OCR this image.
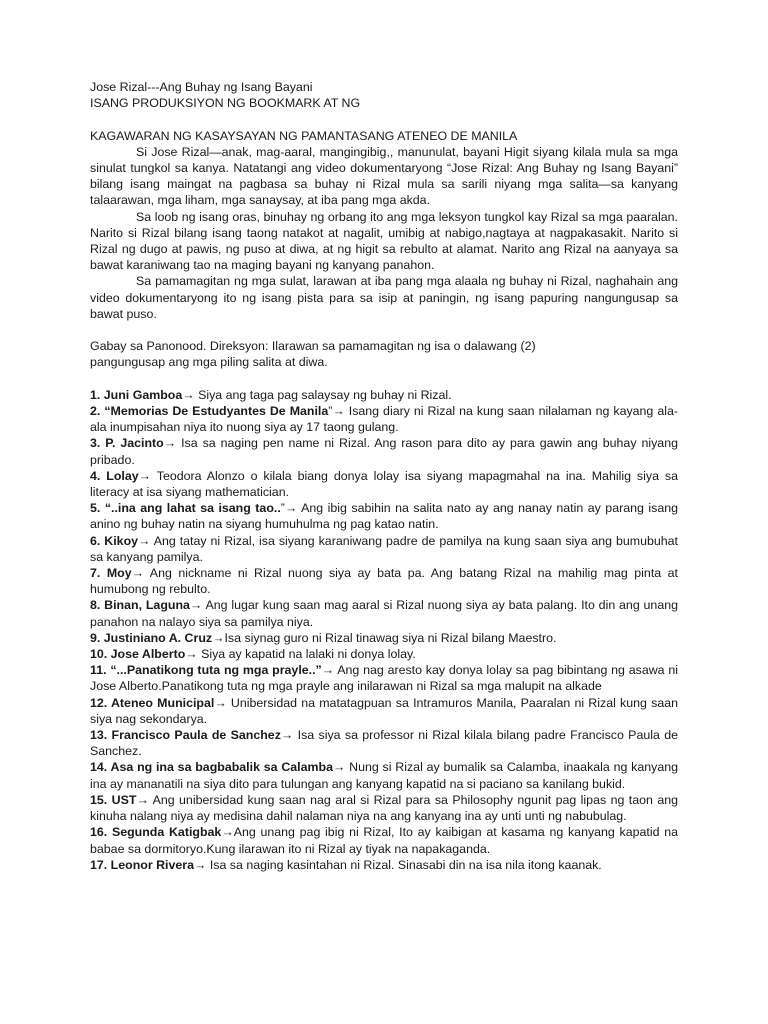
Jose Rizal---Ang Buhay ng Isang Bayani
ISANG PRODUKSIYON NG BOOKMARK AT NG
KAGAWARAN NG KASAYSAYAN NG PAMANTASANG ATENEO DE MANILA

Si Jose Rizal—anak, mag-aaral, mangingibig,, manunulat, bayani Higit siyang kilala mula sa mga sinulat tungkol sa kanya. Natatangi ang video dokumentaryong “Jose Rizal: Ang Buhay ng Isang Bayani” bilang isang maingat na pagbasa sa buhay ni Rizal mula sa sarili niyang mga salita—sa kanyang talaarawan, mga liham, mga sanaysay, at iba pang mga akda.

Sa loob ng isang oras, binuhay ng orbang ito ang mga leksyon tungkol kay Rizal sa mga paaralan. Narito si Rizal bilang isang taong natakot at nagalit, umibig at nabigo,nagtaya at nagpakasakit. Narito si Rizal ng dugo at pawis, ng puso at diwa, at ng higit sa rebulto at alamat. Narito ang Rizal na aanyaya sa bawat karaniwang tao na maging bayani ng kanyang panahon.

Sa pamamagitan ng mga sulat, larawan at iba pang mga alaala ng buhay ni Rizal, naghahain ang video dokumentaryong ito ng isang pista para sa isip at paningin, ng isang papuring nangungusap sa bawat puso.

Gabay sa Panonood. Direksyon: Ilarawan sa pamamagitan ng isa o dalawang (2)
pangungusap ang mga piling salita at diwa.
1. Juni Gamboa→ Siya ang taga pag salaysay ng buhay ni Rizal.
2. “Memorias De Estudyantes De Manila”→ Isang diary ni Rizal na kung saan nilalaman ng kayang ala-ala inumpisahan niya ito nuong siya ay 17 taong gulang.
3. P. Jacinto→ Isa sa naging pen name ni Rizal. Ang rason para dito ay para gawin ang buhay niyang pribado.
4. Lolay→ Teodora Alonzo o kilala biang donya lolay isa siyang mapagmahal na ina. Mahilig siya sa literacy at isa siyang mathematician.
5. “..ina ang lahat sa isang tao..”→ Ang ibig sabihin na salita nato ay ang nanay natin ay parang isang anino ng buhay natin na siyang humuhulma ng pag katao natin.
6. Kikoy→ Ang tatay ni Rizal, isa siyang karaniwang padre de pamilya na kung saan siya ang bumubuhat sa kanyang pamilya.
7. Moy→ Ang nickname ni Rizal nuong siya ay bata pa. Ang batang Rizal na mahilig mag pinta at humubong ng rebulto.
8. Binan, Laguna→ Ang lugar kung saan mag aaral si Rizal nuong siya ay bata palang. Ito din ang unang panahon na nalayo siya sa pamilya niya.
9. Justiniano A. Cruz→Isa siynag guro ni Rizal tinawag siya ni Rizal bilang Maestro.
10. Jose Alberto→ Siya ay kapatid na lalaki ni donya lolay.
11. “...Panatikong tuta ng mga prayle..”→ Ang nag aresto kay donya lolay sa pag bibintang ng asawa ni Jose Alberto.Panatikong tuta ng mga prayle ang inilarawan ni Rizal sa mga malupit na alkade
12. Ateneo Municipal→ Unibersidad na matatagpuan sa Intramuros Manila, Paaralan ni Rizal kung saan siya nag sekondarya.
13. Francisco Paula de Sanchez→ Isa siya sa professor ni Rizal kilala bilang padre Francisco Paula de Sanchez.
14. Asa ng ina sa bagbabalik sa Calamba→ Nung si Rizal ay bumalik sa Calamba, inaakala ng kanyang ina ay mananatili na siya dito para tulungan ang kanyang kapatid na si paciano sa kanilang bukid.
15. UST→ Ang unibersidad kung saan nag aral si Rizal para sa Philosophy ngunit pag lipas ng taon ang kinuha nalang niya ay medisina dahil nalaman niya na ang kanyang ina ay unti unti ng nabubulag.
16. Segunda Katigbak→Ang unang pag ibig ni Rizal, Ito ay kaibigan at kasama ng kanyang kapatid na babae sa dormitoryo.Kung ilarawan ito ni Rizal ay tiyak na napakaganda.
17. Leonor Rivera→ Isa sa naging kasintahan ni Rizal. Sinasabi din na isa nila itong kaanak.
